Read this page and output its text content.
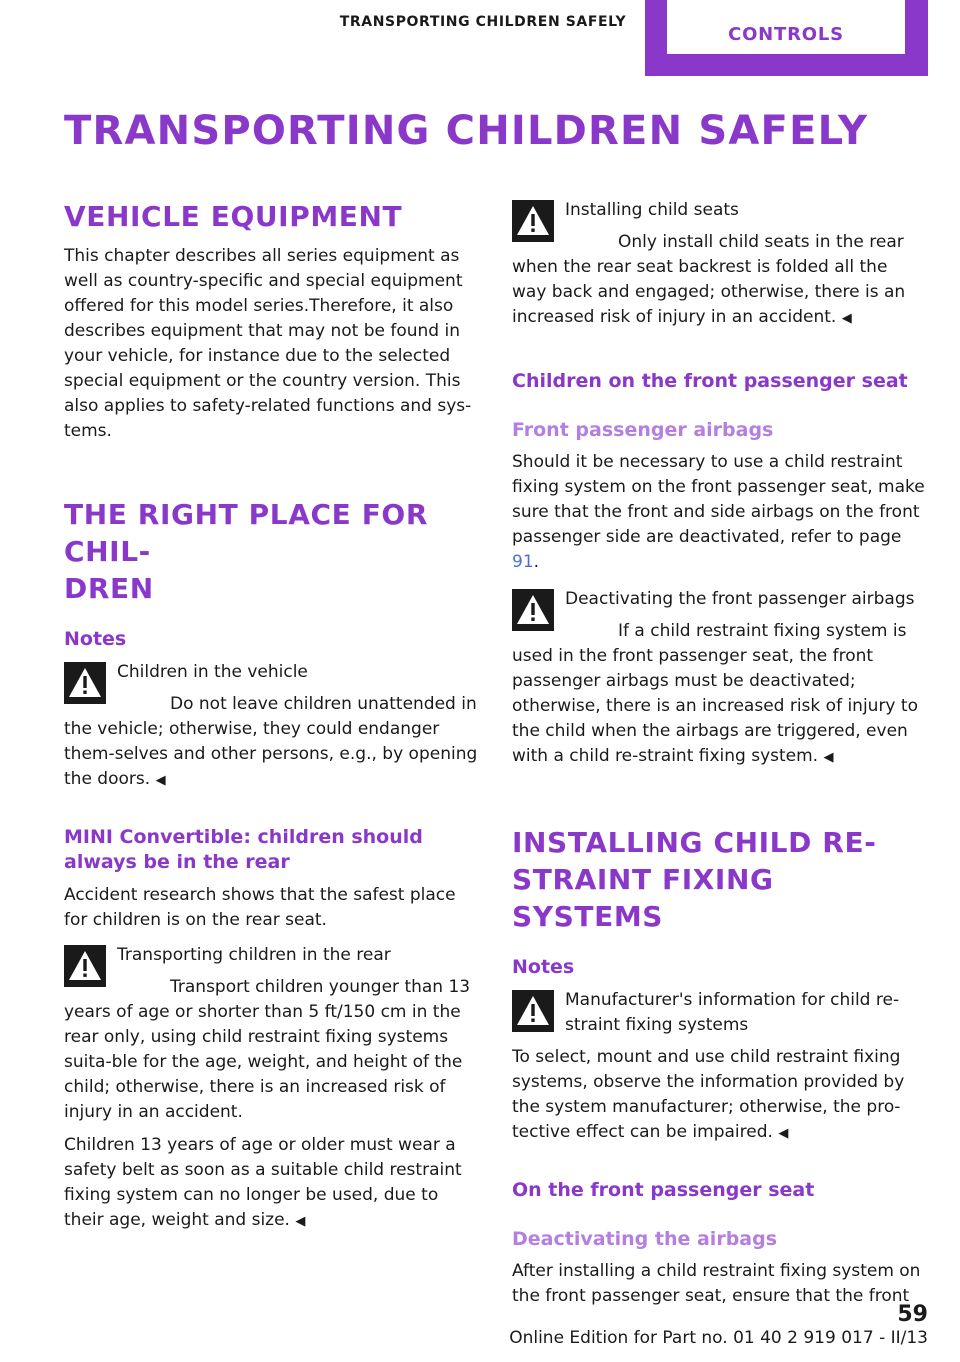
TRANSPORTING CHILDREN SAFELY
CONTROLS
TRANSPORTING CHILDREN SAFELY
VEHICLE EQUIPMENT

This chapter describes all series equipment as well as country-specific and special equipment offered for this model series.Therefore, it also describes equipment that may not be found in your vehicle, for instance due to the selected special equipment or the country version. This also applies to safety-related functions and sys‐tems.

THE RIGHT PLACE FOR CHIL‐
DREN
Notes

Children in the vehicle

Do not leave children unattended in the vehicle; otherwise, they could endanger them‐selves and other persons, e.g., by opening the doors. ◀

MINI Convertible: children should always be in the rear

Accident research shows that the safest place for children is on the rear seat.

Transporting children in the rear

Transport children younger than 13 years of age or shorter than 5 ft/150 cm in the rear only, using child restraint fixing systems suita‐ble for the age, weight, and height of the child; otherwise, there is an increased risk of injury in an accident.

Children 13 years of age or older must wear a safety belt as soon as a suitable child restraint fixing system can no longer be used, due to their age, weight and size. ◀

Installing child seats

Only install child seats in the rear when the rear seat backrest is folded all the way back and engaged; otherwise, there is an increased risk of injury in an accident. ◀

Children on the front passenger seat
Front passenger airbags

Should it be necessary to use a child restraint fixing system on the front passenger seat, make sure that the front and side airbags on the front passenger side are deactivated, refer to page 91.

Deactivating the front passenger airbags

If a child restraint fixing system is used in the front passenger seat, the front passenger airbags must be deactivated; otherwise, there is an increased risk of injury to the child when the airbags are triggered, even with a child re‐straint fixing system. ◀

INSTALLING CHILD RE‐
STRAINT FIXING SYSTEMS
Notes

Manufacturer's information for child re‐straint fixing systems

To select, mount and use child restraint fixing systems, observe the information provided by the system manufacturer; otherwise, the pro‐tective effect can be impaired. ◀

On the front passenger seat
Deactivating the airbags

After installing a child restraint fixing system on the front passenger seat, ensure that the front

59
Online Edition for Part no. 01 40 2 919 017 - II/13
